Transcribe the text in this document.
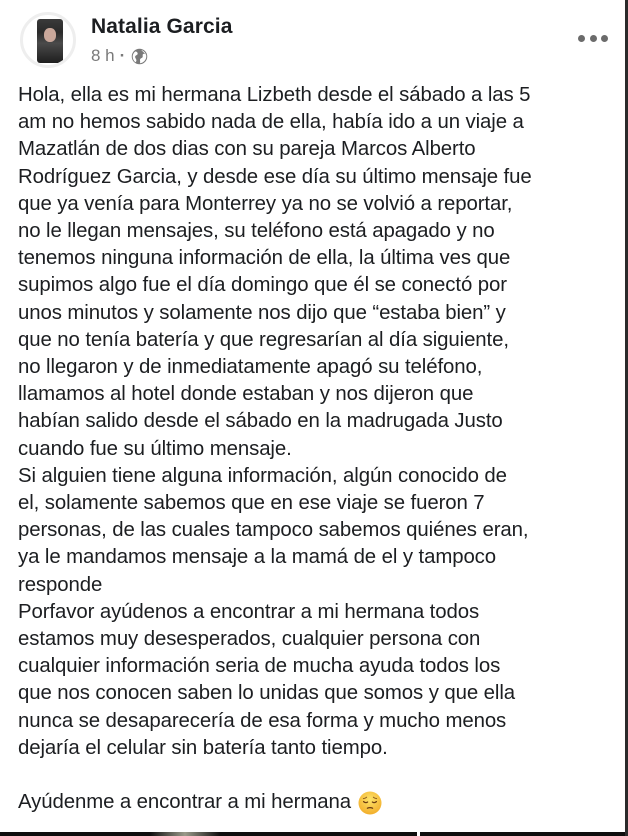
Natalia Garcia
8 h ·
Hola, ella es mi hermana Lizbeth desde el sábado a las 5
am no hemos sabido nada de ella, había ido a un viaje a
Mazatlán de dos dias con su pareja Marcos Alberto
Rodríguez Garcia, y desde ese día su último mensaje fue
que ya venía para Monterrey ya no se volvió a reportar,
no le llegan mensajes, su teléfono está apagado y no
tenemos ninguna información de ella, la última ves que
supimos algo fue el día domingo que él se conectó por
unos minutos y solamente nos dijo que “estaba bien” y
que no tenía batería y que regresarían al día siguiente,
no llegaron y de inmediatamente apagó su teléfono,
llamamos al hotel donde estaban y nos dijeron que
habían salido desde el sábado en la madrugada Justo
cuando fue su último mensaje.
Si alguien tiene alguna información, algún conocido de
el, solamente sabemos que en ese viaje se fueron 7
personas, de las cuales tampoco sabemos quiénes eran,
ya le mandamos mensaje a la mamá de el y tampoco
responde
Porfavor ayúdenos a encontrar a mi hermana todos
estamos muy desesperados, cualquier persona con
cualquier información seria de mucha ayuda todos los
que nos conocen saben lo unidas que somos y que ella
nunca se desaparecería de esa forma y mucho menos
dejaría el celular sin batería tanto tiempo.
Ayúdenme a encontrar a mi hermana
